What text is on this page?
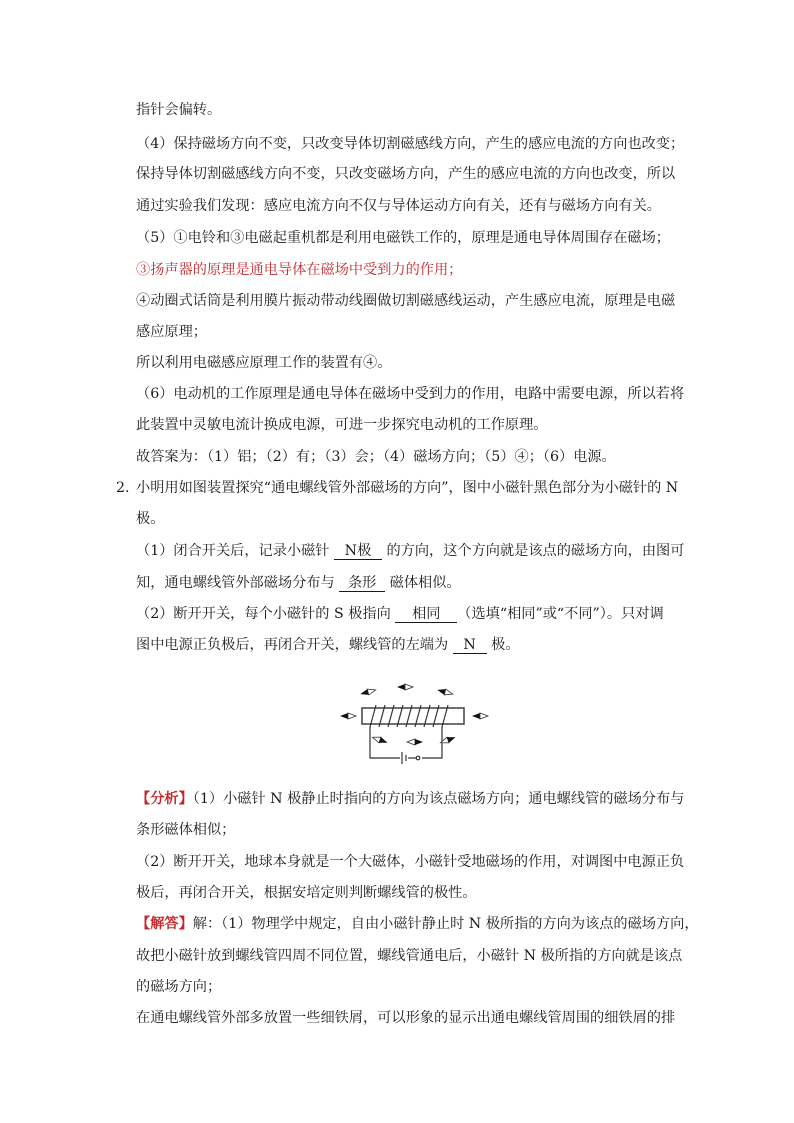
指针会偏转。
（4）保持磁场方向不变，只改变导体切割磁感线方向，产生的感应电流的方向也改变；
保持导体切割磁感线方向不变，只改变磁场方向，产生的感应电流的方向也改变，所以
通过实验我们发现：感应电流方向不仅与导体运动方向有关，还有与磁场方向有关。
（5）①电铃和③电磁起重机都是利用电磁铁工作的，原理是通电导体周围存在磁场；
③扬声器的原理是通电导体在磁场中受到力的作用；
④动圈式话筒是利用膜片振动带动线圈做切割磁感线运动，产生感应电流，原理是电磁
感应原理；
所以利用电磁感应原理工作的装置有④。
（6）电动机的工作原理是通电导体在磁场中受到力的作用，电路中需要电源，所以若将
此装置中灵敏电流计换成电源，可进一步探究电动机的工作原理。
故答案为：（1）铝；（2）有；（3）会；（4）磁场方向；（5）④；（6）电源。
2. 小明用如图装置探究“通电螺线管外部磁场的方向”，图中小磁针黑色部分为小磁针的 N
极。
（1）闭合开关后，记录小磁针 N极 的方向，这个方向就是该点的磁场方向，由图可
知，通电螺线管外部磁场分布与 条形 磁体相似。
（2）断开开关，每个小磁针的 S 极指向 相同 （选填“相同”或“不同”）。只对调
图中电源正负极后，再闭合开关，螺线管的左端为 N 极。
【分析】（1）小磁针 N 极静止时指向的方向为该点磁场方向；通电螺线管的磁场分布与
条形磁体相似；
（2）断开开关，地球本身就是一个大磁体，小磁针受地磁场的作用，对调图中电源正负
极后，再闭合开关，根据安培定则判断螺线管的极性。
【解答】解：（1）物理学中规定，自由小磁针静止时 N 极所指的方向为该点的磁场方向，
故把小磁针放到螺线管四周不同位置，螺线管通电后，小磁针 N 极所指的方向就是该点
的磁场方向；
在通电螺线管外部多放置一些细铁屑，可以形象的显示出通电螺线管周围的细铁屑的排
